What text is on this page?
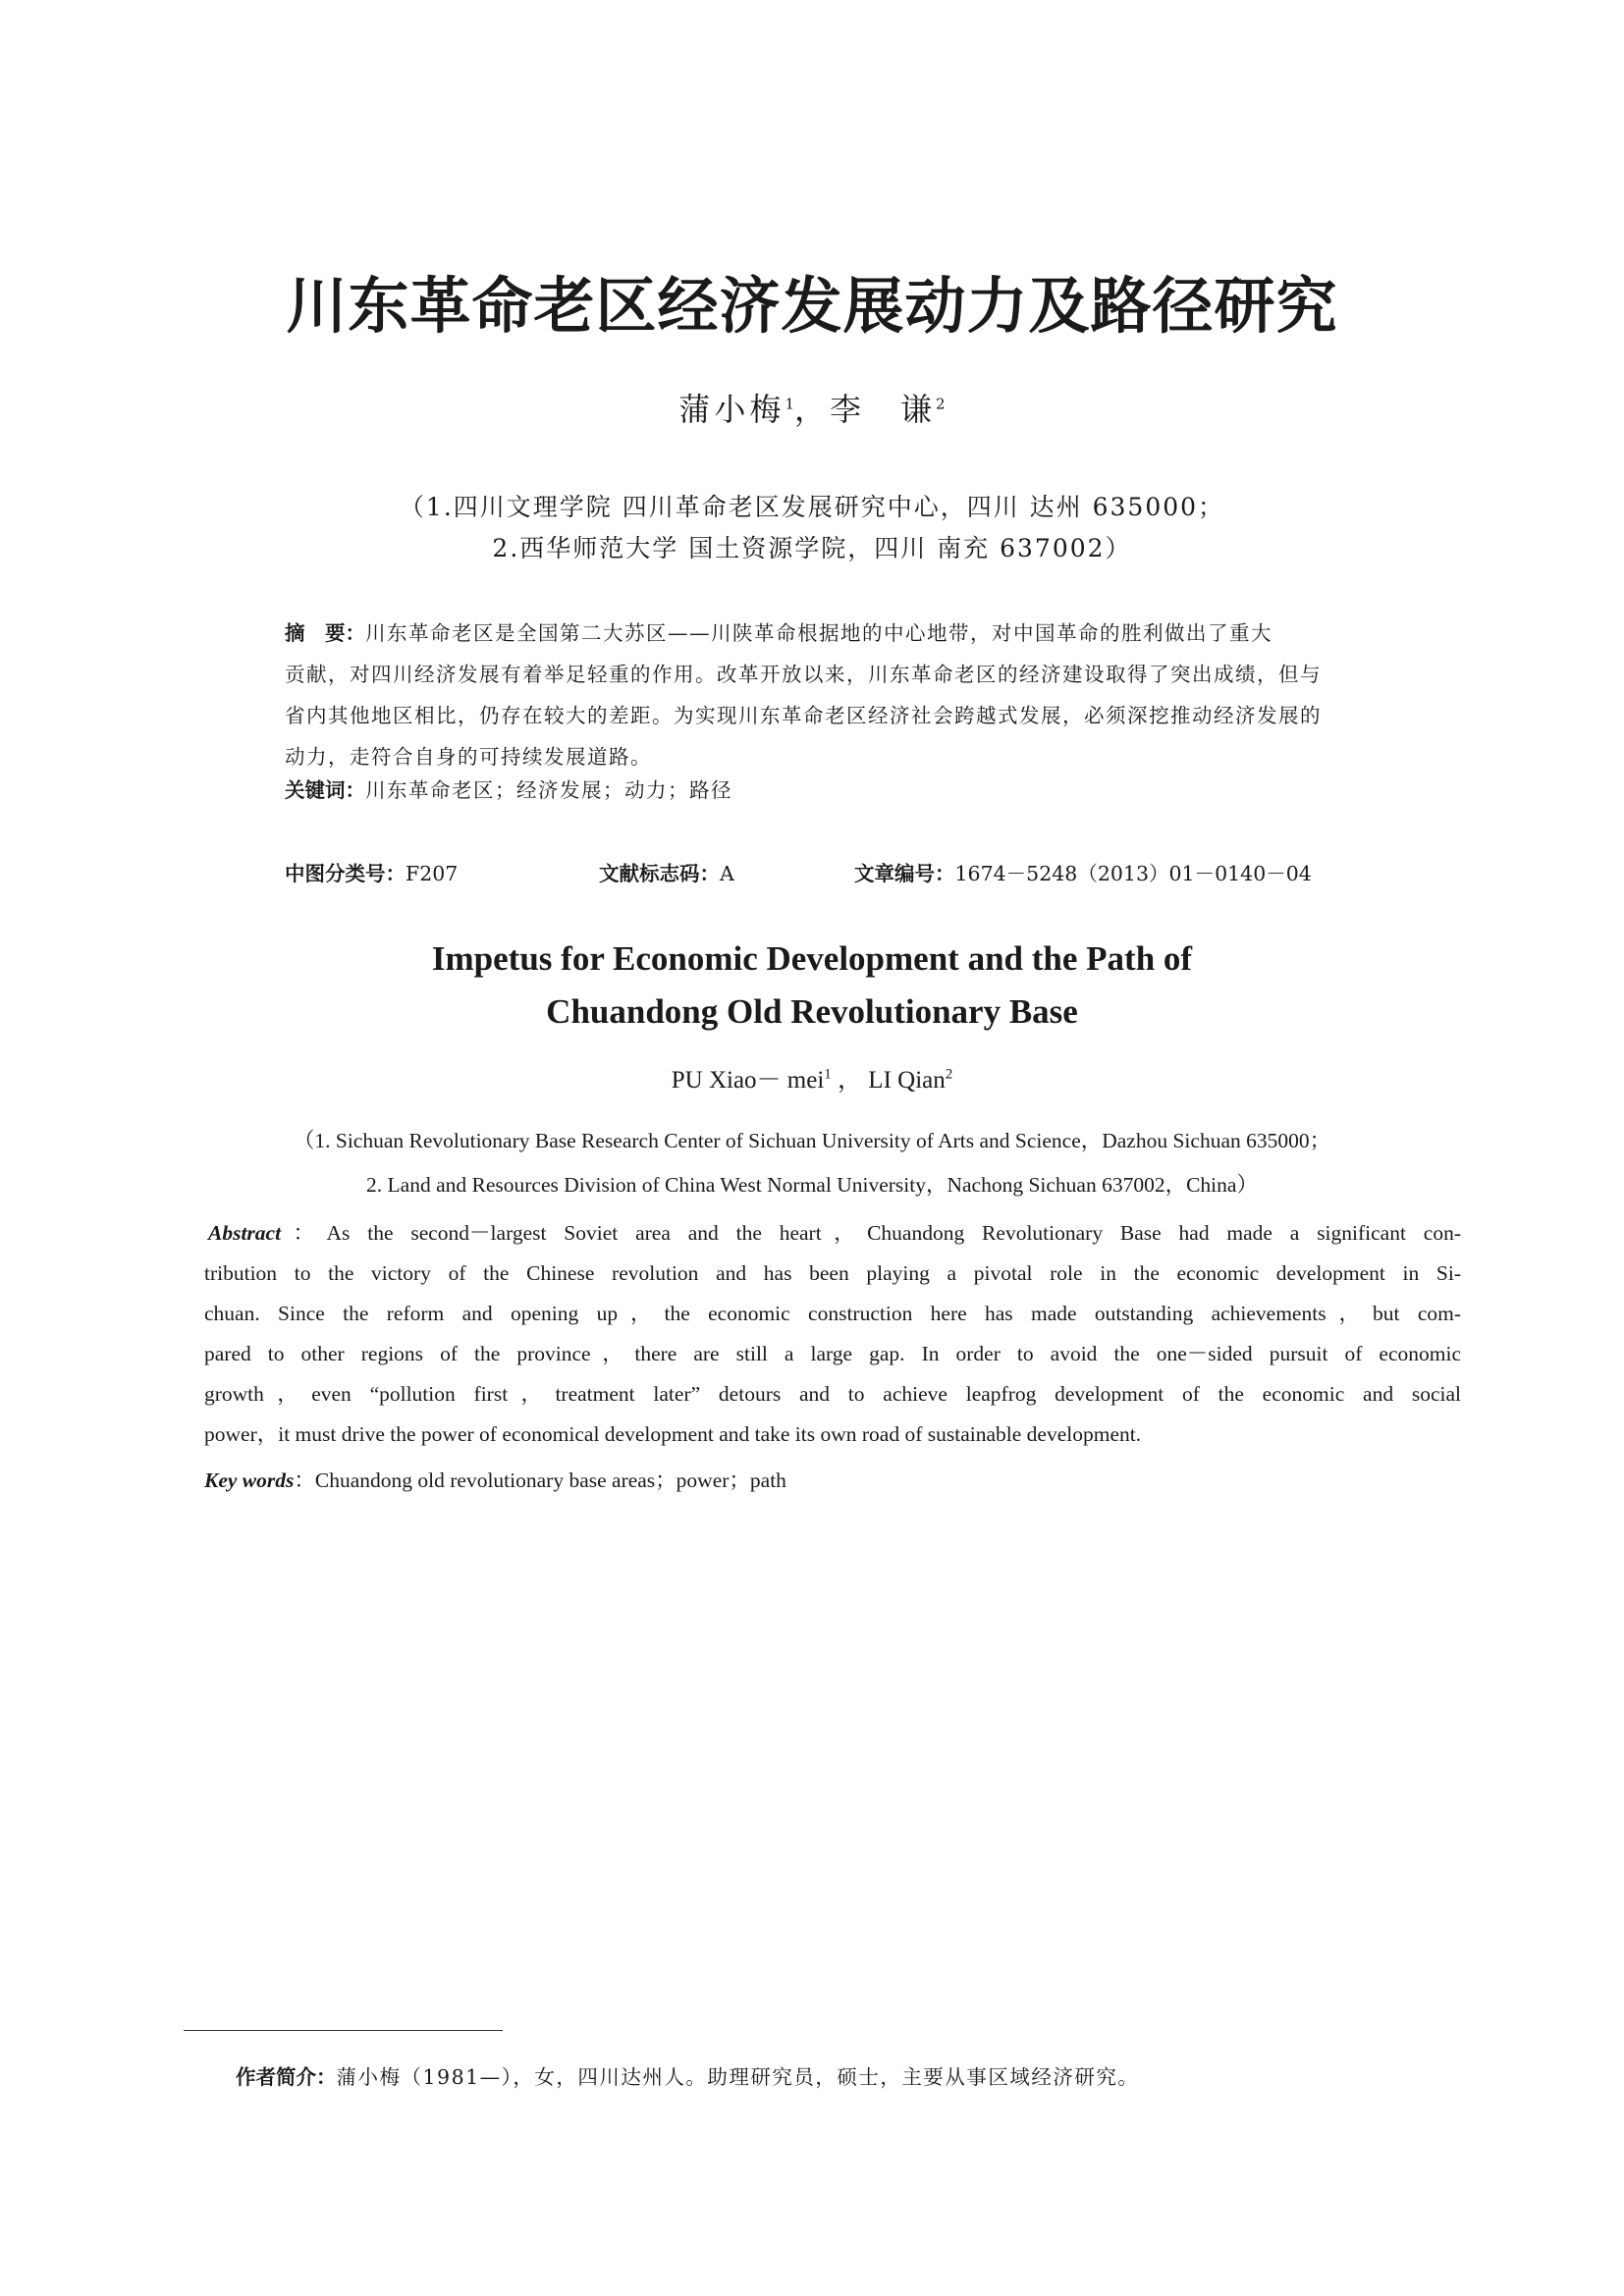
川东革命老区经济发展动力及路径研究
蒲小梅$^1$，李　谦$^2$
（1.四川文理学院 四川革命老区发展研究中心，四川 达州 635000；
2.西华师范大学 国土资源学院，四川 南充 637002）
摘　要：川东革命老区是全国第二大苏区——川陕革命根据地的中心地带，对中国革命的胜利做出了重大
贡献，对四川经济发展有着举足轻重的作用。改革开放以来，川东革命老区的经济建设取得了突出成绩，但与
省内其他地区相比，仍存在较大的差距。为实现川东革命老区经济社会跨越式发展，必须深挖推动经济发展的
动力，走符合自身的可持续发展道路。
关键词：川东革命老区；经济发展；动力；路径
中图分类号：F207	文献标志码：A	文章编号：1674－5248（2013）01－0140－04
Impetus for Economic Development and the Path of
Chuandong Old Revolutionary Base
PU Xiao－ mei$^1$ ， LI Qian$^2$
（1. Sichuan Revolutionary Base Research Center of Sichuan University of Arts and Science，Dazhou Sichuan 635000；
2. Land and Resources Division of China West Normal University，Nachong Sichuan 637002，China）
Abstract：As the second－largest Soviet area and the heart，Chuandong Revolutionary Base had made a significant con-
tribution to the victory of the Chinese revolution and has been playing a pivotal role in the economic development in Si-
chuan. Since the reform and opening up，the economic construction here has made outstanding achievements，but com-
pared to other regions of the province，there are still a large gap. In order to avoid the one－sided pursuit of economic
growth，even “pollution first，treatment later” detours and to achieve leapfrog development of the economic and social
power，it must drive the power of economical development and take its own road of sustainable development.
Key words：Chuandong old revolutionary base areas；power；path
作者简介：蒲小梅（1981—），女，四川达州人。助理研究员，硕士，主要从事区域经济研究。
